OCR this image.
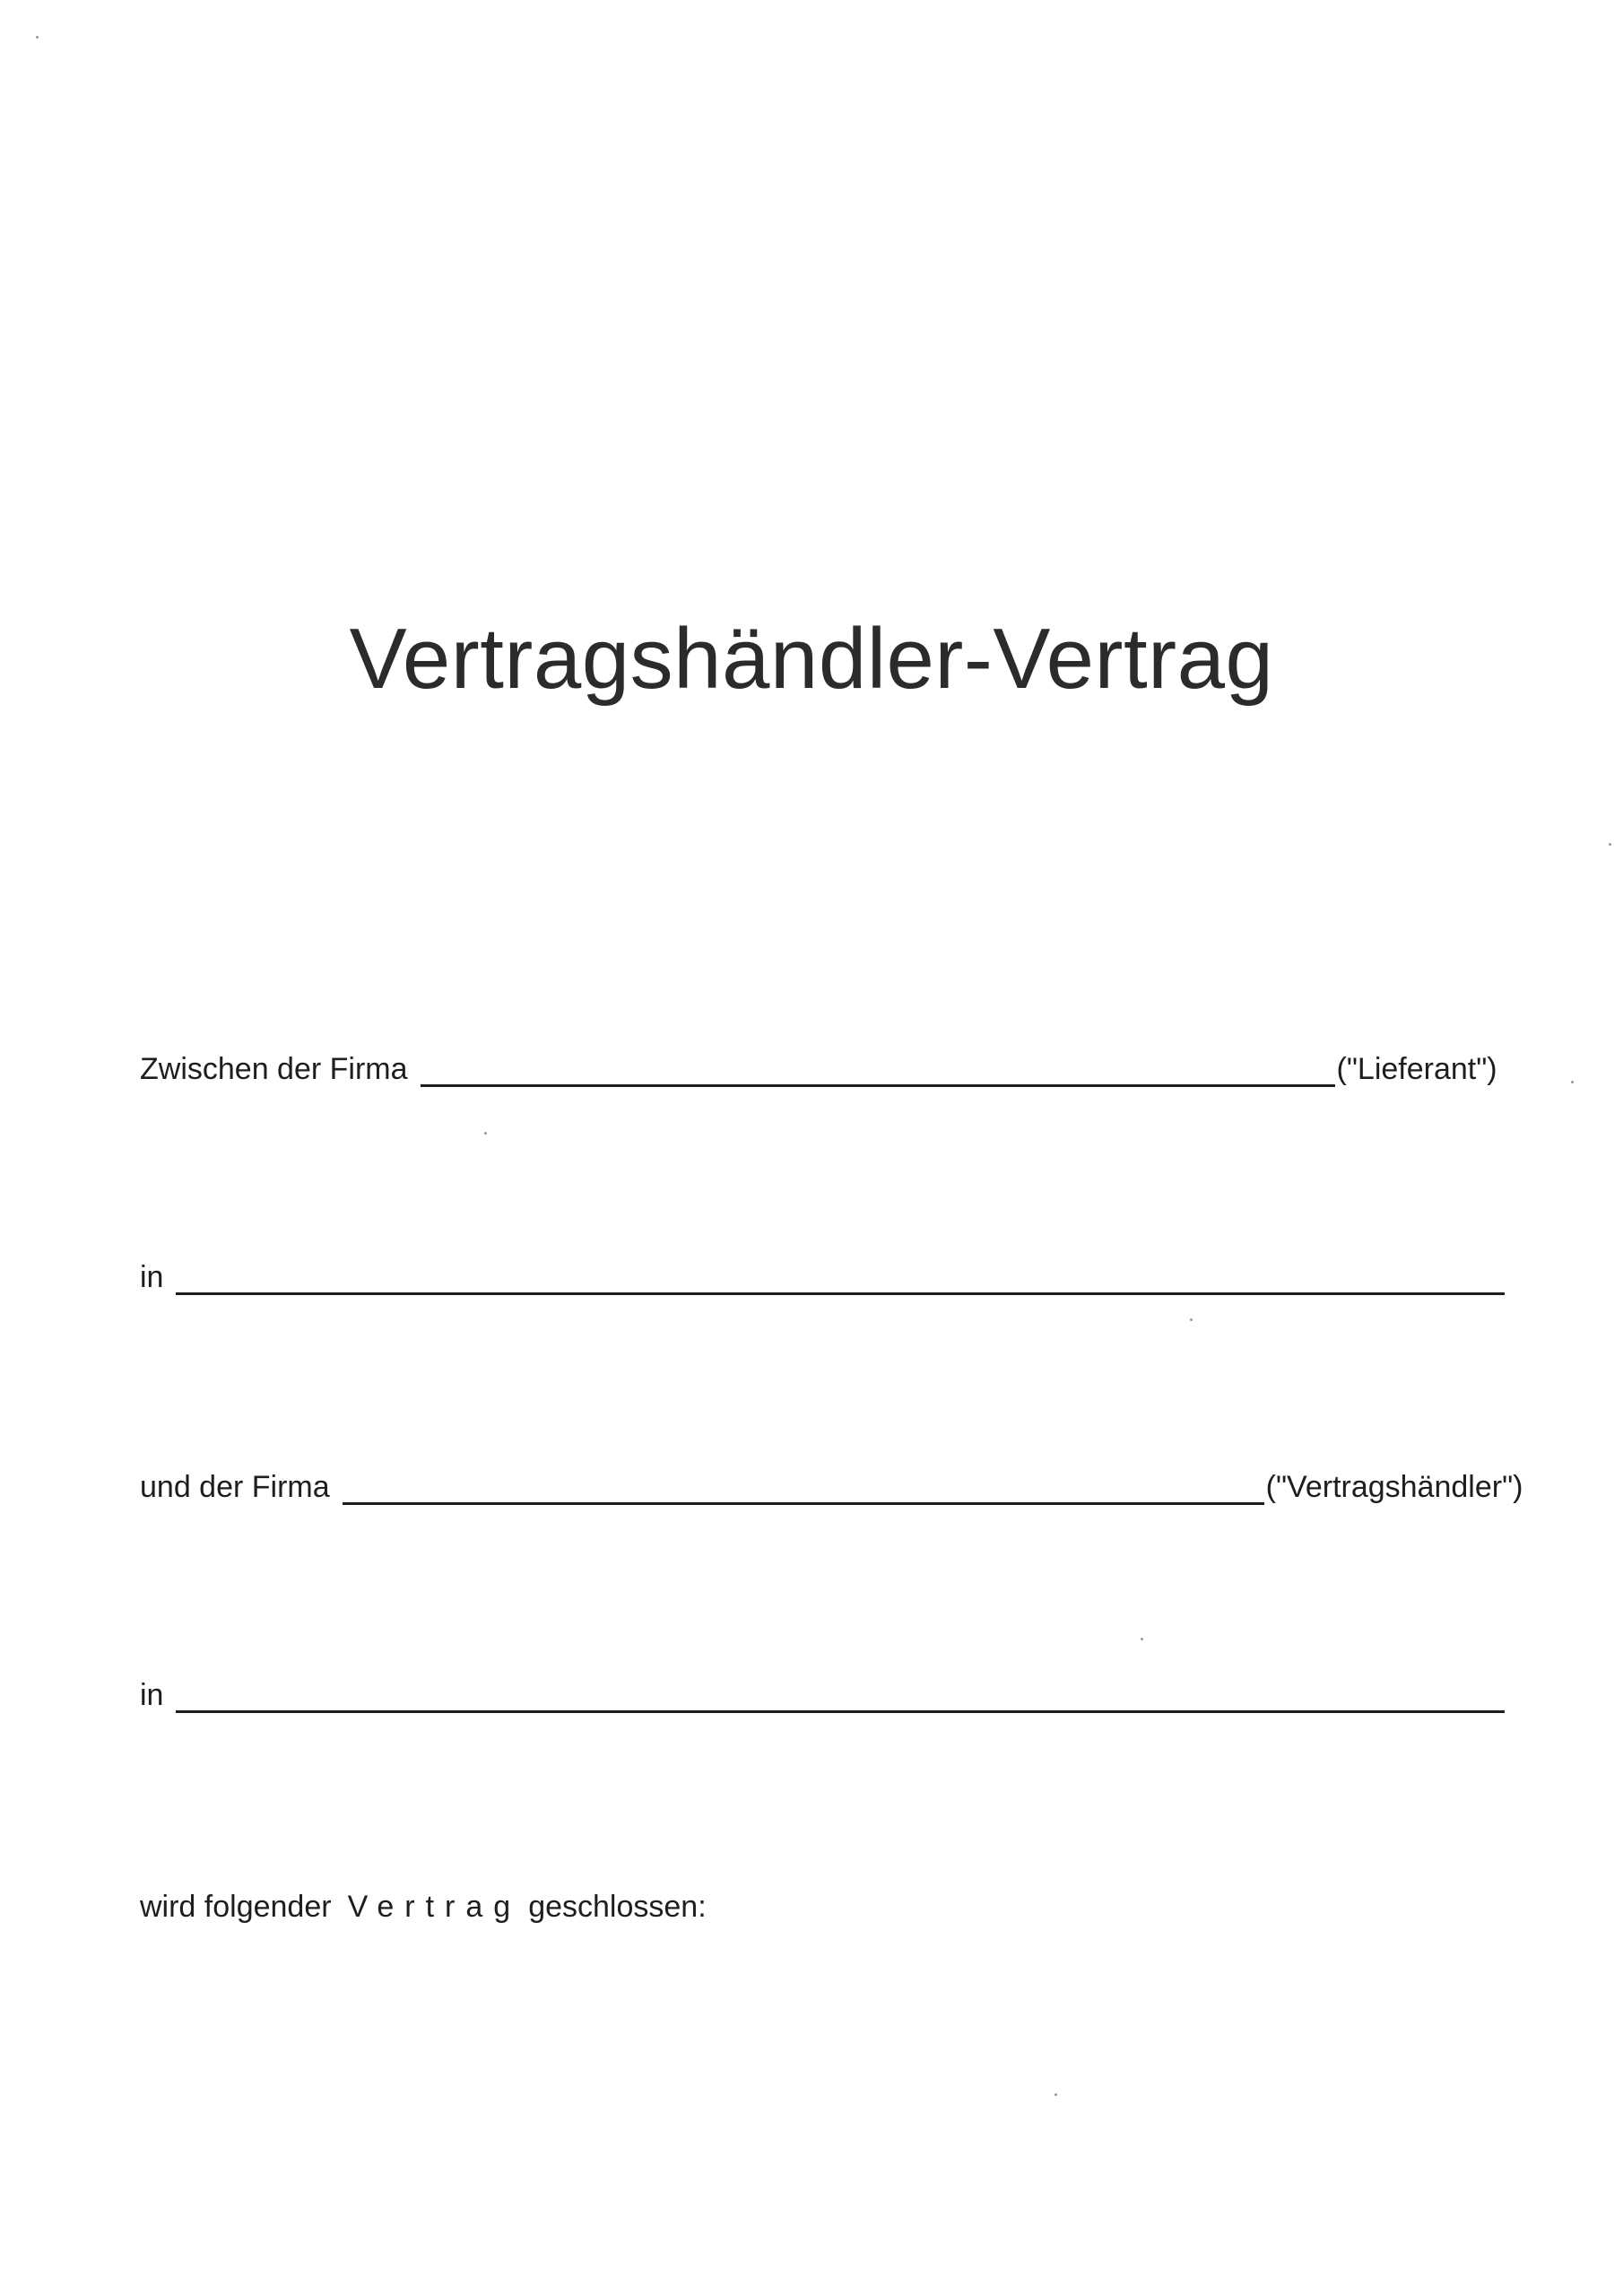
Vertragshändler-Vertrag
Zwischen der Firma	("Lieferant")
in
und der Firma	("Vertragshändler")
in
wird folgender Vertrag geschlossen:
